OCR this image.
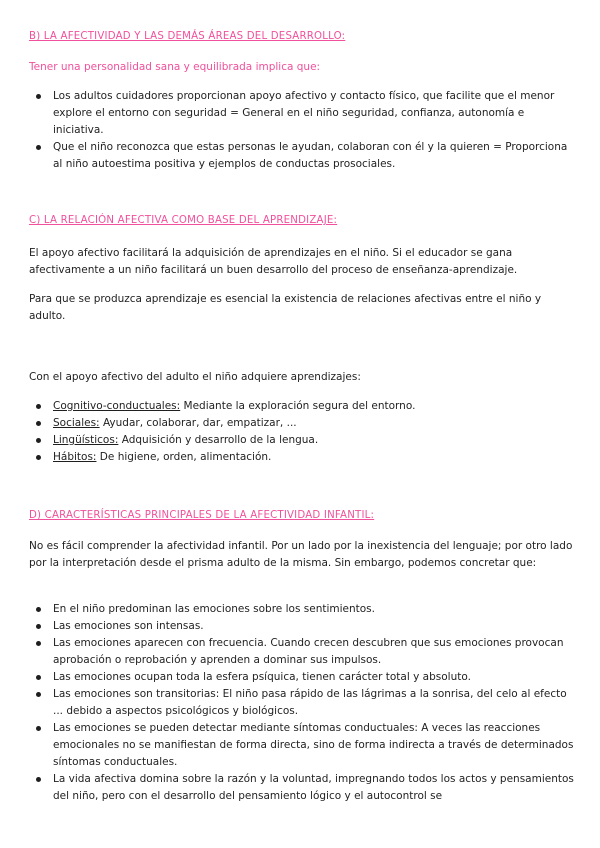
B) LA AFECTIVIDAD Y LAS DEMÁS ÁREAS DEL DESARROLLO:
Tener una personalidad sana y equilibrada implica que:
Los adultos cuidadores proporcionan apoyo afectivo y contacto físico, que facilite que el menor explore el entorno con seguridad = General en el niño seguridad, confianza, autonomía e iniciativa.
Que el niño reconozca que estas personas le ayudan, colaboran con él y la quieren = Proporciona al niño autoestima positiva y ejemplos de conductas prosociales.
C) LA RELACIÓN AFECTIVA COMO BASE DEL APRENDIZAJE:

El apoyo afectivo facilitará la adquisición de aprendizajes en el niño. Si el educador se gana afectivamente a un niño facilitará un buen desarrollo del proceso de enseñanza-aprendizaje.

Para que se produzca aprendizaje es esencial la existencia de relaciones afectivas entre el niño y adulto.

Con el apoyo afectivo del adulto el niño adquiere aprendizajes:

Cognitivo-conductuales: Mediante la exploración segura del entorno.
Sociales: Ayudar, colaborar, dar, empatizar, ...
Lingüísticos: Adquisición y desarrollo de la lengua.
Hábitos: De higiene, orden, alimentación.
D) CARACTERÍSTICAS PRINCIPALES DE LA AFECTIVIDAD INFANTIL:

No es fácil comprender la afectividad infantil. Por un lado por la inexistencia del lenguaje; por otro lado por la interpretación desde el prisma adulto de la misma. Sin embargo, podemos concretar que:

En el niño predominan las emociones sobre los sentimientos.
Las emociones son intensas.
Las emociones aparecen con frecuencia. Cuando crecen descubren que sus emociones provocan aprobación o reprobación y aprenden a dominar sus impulsos.
Las emociones ocupan toda la esfera psíquica, tienen carácter total y absoluto.
Las emociones son transitorias: El niño pasa rápido de las lágrimas a la sonrisa, del celo al efecto ... debido a aspectos psicológicos y biológicos.
Las emociones se pueden detectar mediante síntomas conductuales: A veces las reacciones emocionales no se manifiestan de forma directa, sino de forma indirecta a través de determinados síntomas conductuales.
La vida afectiva domina sobre la razón y la voluntad, impregnando todos los actos y pensamientos del niño, pero con el desarrollo del pensamiento lógico y el autocontrol se
